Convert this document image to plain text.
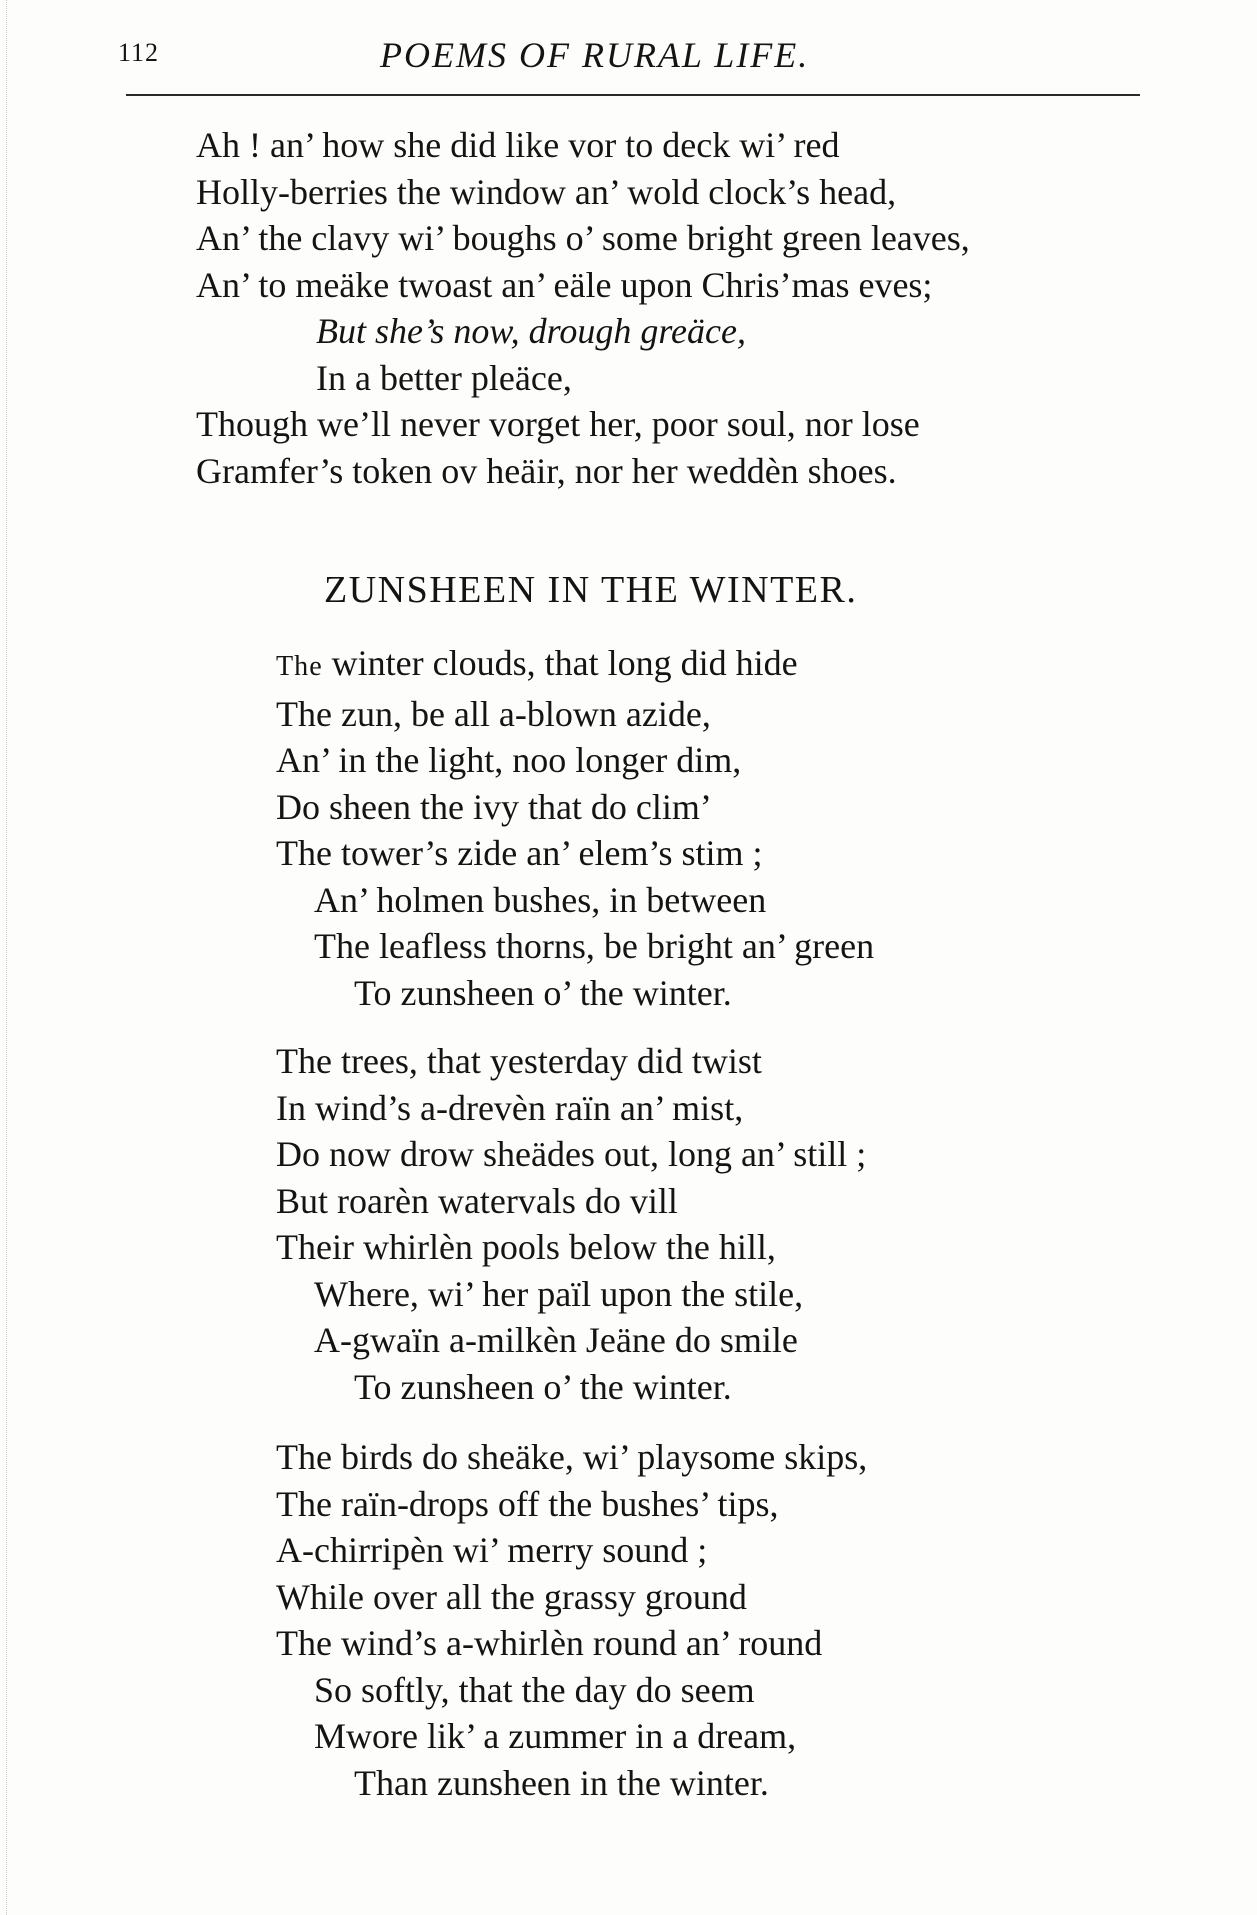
112	POEMS OF RURAL LIFE.
Ah ! an’ how she did like vor to deck wi’ red
Holly-berries the window an’ wold clock’s head,
An’ the clavy wi’ boughs o’ some bright green leaves,
An’ to meäke twoast an’ eäle upon Chris’mas eves;
But she’s now, drough greäce,
In a better pleäce,
Though we’ll never vorget her, poor soul, nor lose
Gramfer’s token ov heäir, nor her weddèn shoes.
ZUNSHEEN IN THE WINTER.
The winter clouds, that long did hide
The zun, be all a-blown azide,
An’ in the light, noo longer dim,
Do sheen the ivy that do clim’
The tower’s zide an’ elem’s stim ;
An’ holmen bushes, in between
The leafless thorns, be bright an’ green
To zunsheen o’ the winter.
The trees, that yesterday did twist
In wind’s a-drevèn raïn an’ mist,
Do now drow sheädes out, long an’ still ;
But roarèn watervals do vill
Their whirlèn pools below the hill,
Where, wi’ her païl upon the stile,
A-gwaïn a-milkèn Jeäne do smile
To zunsheen o’ the winter.
The birds do sheäke, wi’ playsome skips,
The raïn-drops off the bushes’ tips,
A-chirripèn wi’ merry sound ;
While over all the grassy ground
The wind’s a-whirlèn round an’ round
So softly, that the day do seem
Mwore lik’ a zummer in a dream,
Than zunsheen in the winter.
